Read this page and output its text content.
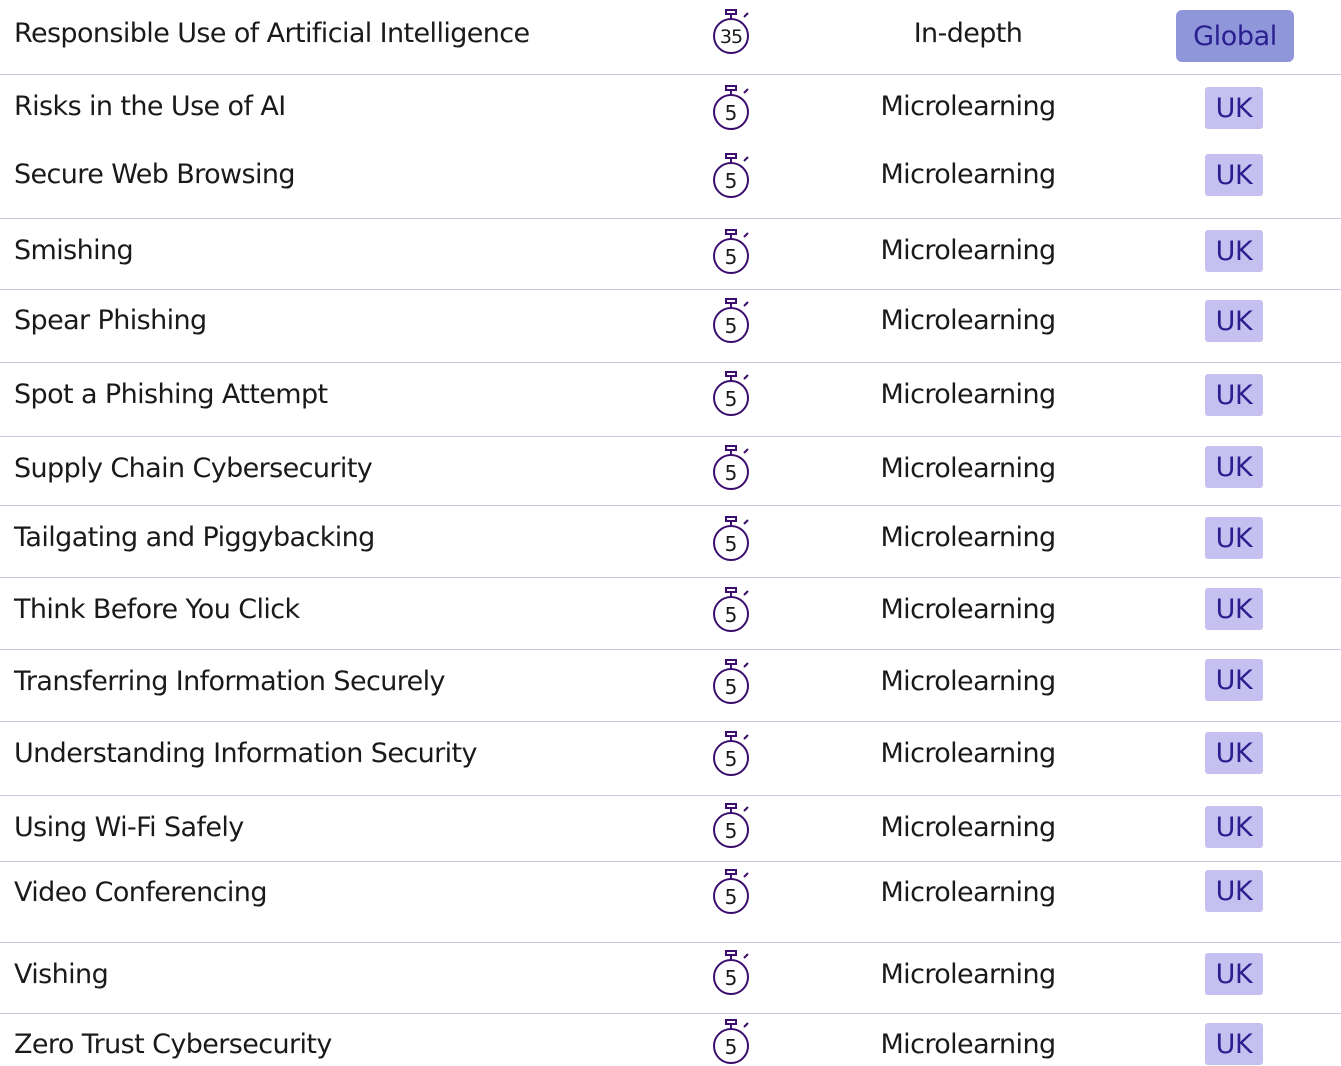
Responsible Use of Artificial Intelligence	35	In-depth	Global
Risks in the Use of AI	5	Microlearning	UK
Secure Web Browsing	5	Microlearning	UK
Smishing	5	Microlearning	UK
Spear Phishing	5	Microlearning	UK
Spot a Phishing Attempt	5	Microlearning	UK
Supply Chain Cybersecurity	5	Microlearning	UK
Tailgating and Piggybacking	5	Microlearning	UK
Think Before You Click	5	Microlearning	UK
Transferring Information Securely	5	Microlearning	UK
Understanding Information Security	5	Microlearning	UK
Using Wi-Fi Safely	5	Microlearning	UK
Video Conferencing	5	Microlearning	UK
Vishing	5	Microlearning	UK
Zero Trust Cybersecurity	5	Microlearning	UK
